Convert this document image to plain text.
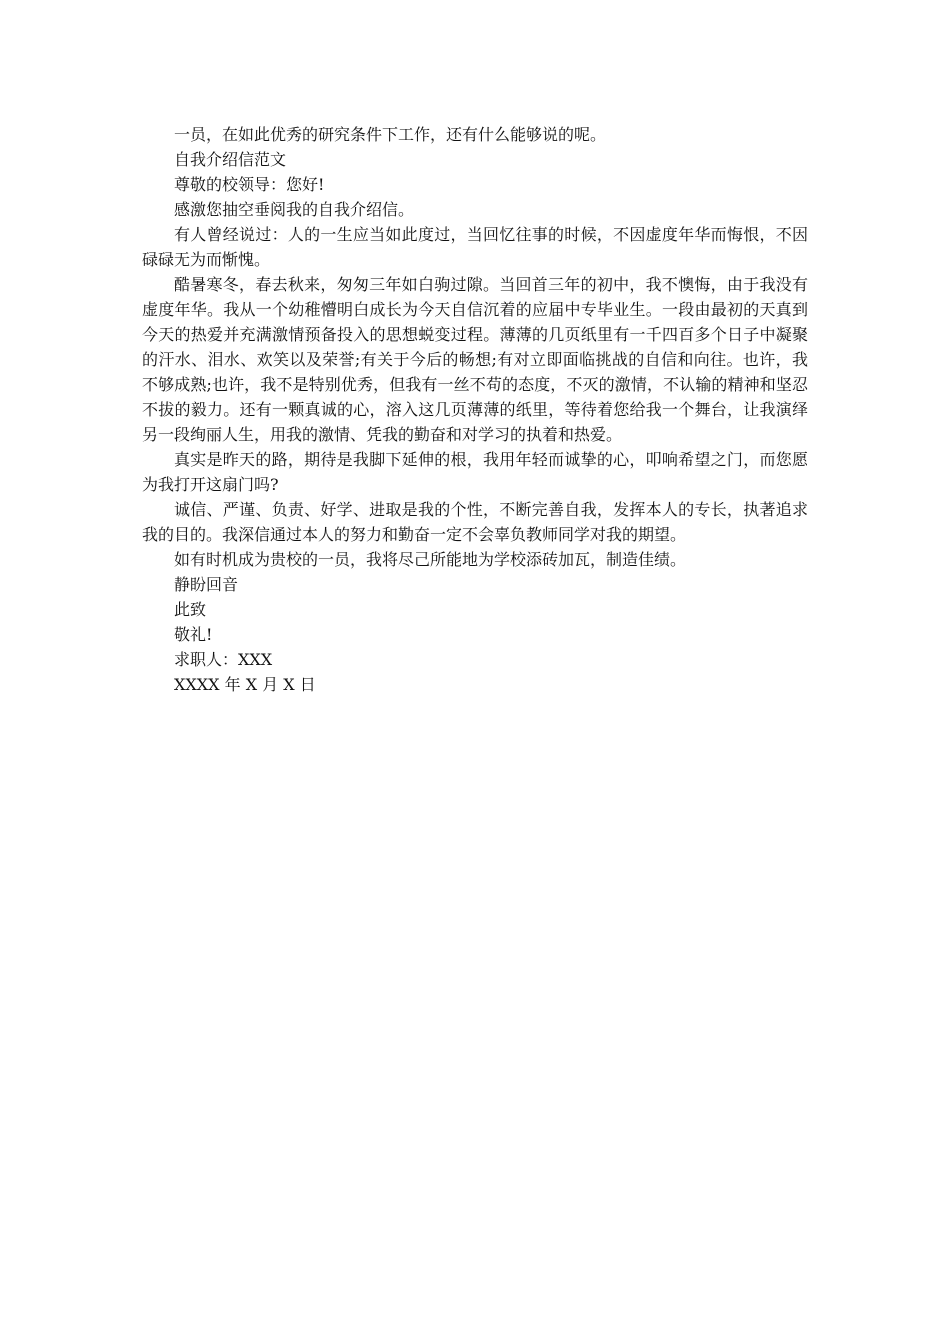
一员，在如此优秀的研究条件下工作，还有什么能够说的呢。

自我介绍信范文

尊敬的校领导：您好!

感激您抽空垂阅我的自我介绍信。

有人曾经说过：人的一生应当如此度过，当回忆往事的时候，不因虚度年华而悔恨，不因碌碌无为而惭愧。

酷暑寒冬，春去秋来，匆匆三年如白驹过隙。当回首三年的初中，我不懊悔，由于我没有虚度年华。我从一个幼稚懵明白成长为今天自信沉着的应届中专毕业生。一段由最初的天真到今天的热爱并充满激情预备投入的思想蜕变过程。薄薄的几页纸里有一千四百多个日子中凝聚的汗水、泪水、欢笑以及荣誉;有关于今后的畅想;有对立即面临挑战的自信和向往。也许，我不够成熟;也许，我不是特别优秀，但我有一丝不苟的态度，不灭的激情，不认输的精神和坚忍不拔的毅力。还有一颗真诚的心，溶入这几页薄薄的纸里，等待着您给我一个舞台，让我演绎另一段绚丽人生，用我的激情、凭我的勤奋和对学习的执着和热爱。

真实是昨天的路，期待是我脚下延伸的根，我用年轻而诚挚的心，叩响希望之门，而您愿为我打开这扇门吗?

诚信、严谨、负责、好学、进取是我的个性，不断完善自我，发挥本人的专长，执著追求我的目的。我深信通过本人的努力和勤奋一定不会辜负教师同学对我的期望。

如有时机成为贵校的一员，我将尽己所能地为学校添砖加瓦，制造佳绩。

静盼回音

此致

敬礼!

求职人：XXX

XXXX 年 X 月 X 日
